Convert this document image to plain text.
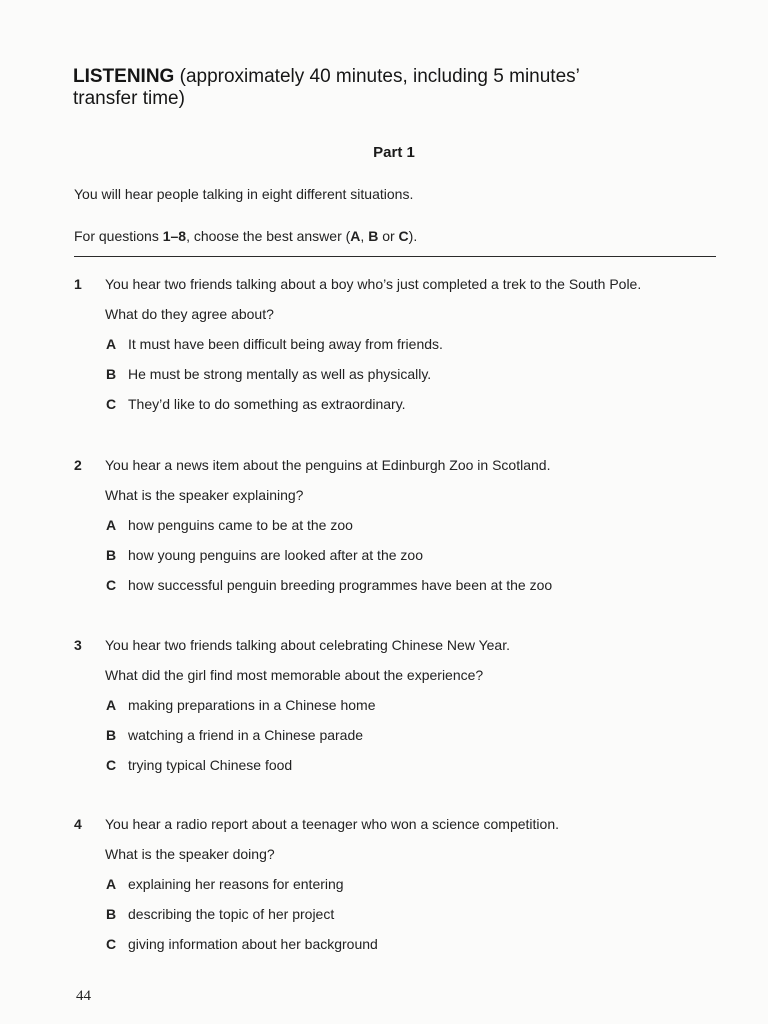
LISTENING (approximately 40 minutes, including 5 minutes’
transfer time)
Part 1
You will hear people talking in eight different situations.
For questions 1–8, choose the best answer (A, B or C).
1	You hear two friends talking about a boy who’s just completed a trek to the South Pole.
What do they agree about?
A It must have been difficult being away from friends.
B He must be strong mentally as well as physically.
C They’d like to do something as extraordinary.
2	You hear a news item about the penguins at Edinburgh Zoo in Scotland.
What is the speaker explaining?
A how penguins came to be at the zoo
B how young penguins are looked after at the zoo
C how successful penguin breeding programmes have been at the zoo
3	You hear two friends talking about celebrating Chinese New Year.
What did the girl find most memorable about the experience?
A making preparations in a Chinese home
B watching a friend in a Chinese parade
C trying typical Chinese food
4	You hear a radio report about a teenager who won a science competition.
What is the speaker doing?
A explaining her reasons for entering
B describing the topic of her project
C giving information about her background
44
